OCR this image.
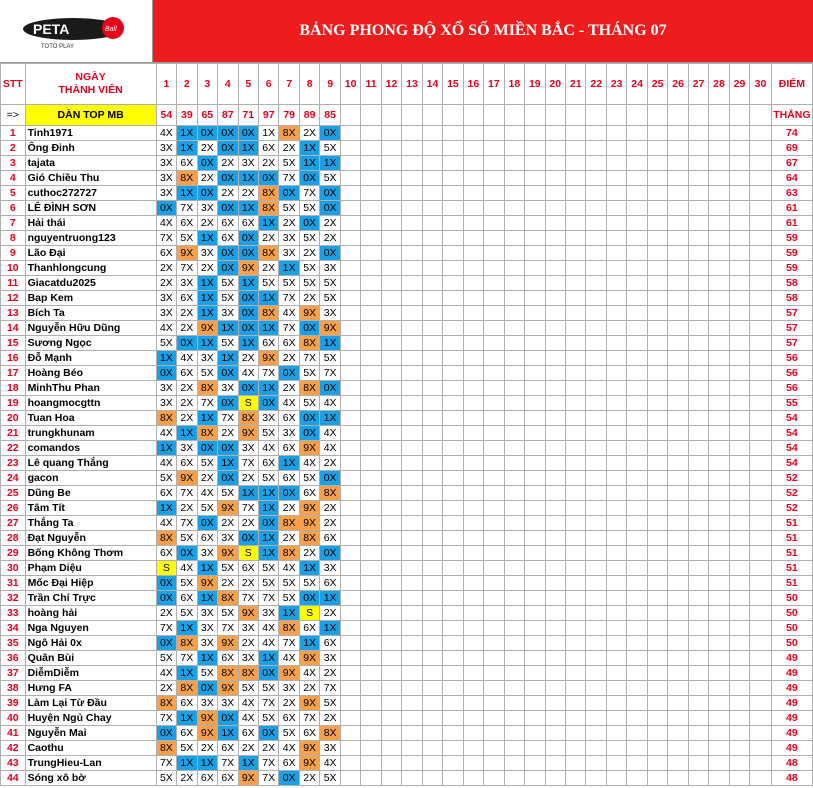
PETA	Ball
TOTO PLAY
BẢNG PHONG ĐỘ XỔ SỐ MIỀN BẮC - THÁNG 07
STT	NGÀY
THÀNH VIÊN	1	2	3	4	5	6	7	8	9	10	11	12	13	14	15	16	17	18	19	20	21	22	23	24	25	26	27	28	29	30	ĐIỂM
=>	DÀN TOP MB	54	39	65	87	71	97	79	89	85																						THẮNG
1	Tinh1971	4X	1X	0X	0X	0X	1X	8X	2X	0X																						74
2	Ông Đinh	3X	1X	2X	0X	1X	6X	2X	1X	5X																						69
3	tajata	3X	6X	0X	2X	3X	2X	5X	1X	1X																						67
4	Gió Chiều Thu	3X	8X	2X	0X	1X	0X	7X	0X	5X																						64
5	cuthoc272727	3X	1X	0X	2X	2X	8X	0X	7X	0X																						63
6	LÊ ĐÌNH SƠN	0X	7X	3X	0X	1X	8X	5X	5X	0X																						61
7	Hải thái	4X	6X	2X	6X	6X	1X	2X	0X	2X																						61
8	nguyentruong123	7X	5X	1X	6X	0X	2X	3X	5X	2X																						59
9	Lão Đại	6X	9X	3X	0X	0X	8X	3X	2X	0X																						59
10	Thanhlongcung	2X	7X	2X	0X	9X	2X	1X	5X	3X																						59
11	Giacatdu2025	2X	3X	1X	5X	1X	5X	5X	5X	5X																						58
12	Bap Kem	3X	6X	1X	5X	0X	1X	7X	2X	5X																						58
13	Bích Ta	3X	2X	1X	3X	0X	8X	4X	9X	3X																						57
14	Nguyễn Hữu Dũng	4X	2X	9X	1X	0X	1X	7X	0X	9X																						57
15	Sương Ngọc	5X	0X	1X	5X	1X	6X	6X	8X	1X																						57
16	Đỗ Mạnh	1X	4X	3X	1X	2X	9X	2X	7X	5X																						56
17	Hoàng Béo	0X	6X	5X	0X	4X	7X	0X	5X	7X																						56
18	MinhThu Phan	3X	2X	8X	3X	0X	1X	2X	8X	0X																						56
19	hoangmocgttn	3X	2X	7X	0X	S	0X	4X	5X	4X																						55
20	Tuan Hoa	8X	2X	1X	7X	8X	3X	6X	0X	1X																						54
21	trungkhunam	4X	1X	8X	2X	9X	5X	3X	0X	4X																						54
22	comandos	1X	3X	0X	0X	3X	4X	6X	9X	4X																						54
23	Lê quang Thắng	4X	6X	5X	1X	7X	6X	1X	4X	2X																						54
24	gacon	5X	9X	2X	0X	2X	5X	6X	5X	0X																						52
25	Dũng Be	6X	7X	4X	5X	1X	1X	0X	6X	8X																						52
26	Tâm Tít	1X	2X	5X	9X	7X	1X	2X	9X	2X																						52
27	Thắng Ta	4X	7X	0X	2X	2X	0X	8X	9X	2X																						51
28	Đạt Nguyễn	8X	5X	6X	3X	0X	1X	2X	8X	6X																						51
29	Bống Không Thơm	6X	0X	3X	9X	S	1X	8X	2X	0X																						51
30	Phạm Diệu	S	4X	1X	5X	6X	5X	4X	1X	3X																						51
31	Mốc Đại Hiệp	0X	5X	9X	2X	2X	5X	5X	5X	6X																						51
32	Trần Chí Trực	0X	6X	1X	8X	7X	7X	5X	0X	1X																						50
33	hoàng hải	2X	5X	3X	5X	9X	3X	1X	S	2X																						50
34	Nga Nguyen	7X	1X	3X	7X	3X	4X	8X	6X	1X																						50
35	Ngô Hải 0x	0X	8X	3X	9X	2X	4X	7X	1X	6X																						50
36	Quân Bùi	5X	7X	1X	6X	3X	1X	4X	9X	3X																						49
37	DiễmDiễm	4X	1X	5X	8X	8X	0X	9X	4X	2X																						49
38	Hưng FA	2X	8X	0X	9X	5X	5X	3X	2X	7X																						49
39	Làm Lại Từ Đầu	8X	6X	3X	3X	4X	7X	2X	9X	5X																						49
40	Huyện Ngủ Chay	7X	1X	9X	0X	4X	5X	6X	7X	2X																						49
41	Nguyễn Mai	0X	6X	9X	1X	6X	0X	5X	6X	8X																						49
42	Caothu	8X	5X	2X	6X	2X	2X	4X	9X	3X																						49
43	TrungHieu-Lan	7X	1X	1X	7X	1X	7X	6X	9X	4X																						48
44	Sóng xô bờ	5X	2X	6X	6X	9X	7X	0X	2X	5X																						48
